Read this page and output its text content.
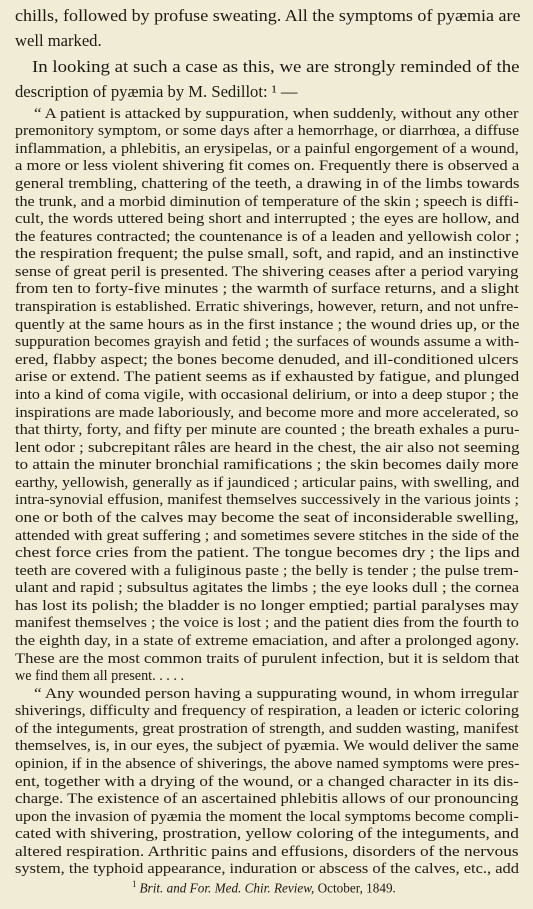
chills, followed by profuse sweating. All the symptoms of pyæmia are
well marked.
In looking at such a case as this, we are strongly reminded of the
description of pyæmia by M. Sedillot: ¹ —
“ A patient is attacked by suppuration, when suddenly, without any other
premonitory symptom, or some days after a hemorrhage, or diarrhœa, a diffuse
inflammation, a phlebitis, an erysipelas, or a painful engorgement of a wound,
a more or less violent shivering fit comes on. Frequently there is observed a
general trembling, chattering of the teeth, a drawing in of the limbs towards
the trunk, and a morbid diminution of temperature of the skin ; speech is diffi-
cult, the words uttered being short and interrupted ; the eyes are hollow, and
the features contracted; the countenance is of a leaden and yellowish color ;
the respiration frequent; the pulse small, soft, and rapid, and an instinctive
sense of great peril is presented. The shivering ceases after a period varying
from ten to forty-five minutes ; the warmth of surface returns, and a slight
transpiration is established. Erratic shiverings, however, return, and not unfre-
quently at the same hours as in the first instance ; the wound dries up, or the
suppuration becomes grayish and fetid ; the surfaces of wounds assume a with-
ered, flabby aspect; the bones become denuded, and ill-conditioned ulcers
arise or extend. The patient seems as if exhausted by fatigue, and plunged
into a kind of coma vigile, with occasional delirium, or into a deep stupor ; the
inspirations are made laboriously, and become more and more accelerated, so
that thirty, forty, and fifty per minute are counted ; the breath exhales a puru-
lent odor ; subcrepitant râles are heard in the chest, the air also not seeming
to attain the minuter bronchial ramifications ; the skin becomes daily more
earthy, yellowish, generally as if jaundiced ; articular pains, with swelling, and
intra-synovial effusion, manifest themselves successively in the various joints ;
one or both of the calves may become the seat of inconsiderable swelling,
attended with great suffering ; and sometimes severe stitches in the side of the
chest force cries from the patient. The tongue becomes dry ; the lips and
teeth are covered with a fuliginous paste ; the belly is tender ; the pulse trem-
ulant and rapid ; subsultus agitates the limbs ; the eye looks dull ; the cornea
has lost its polish; the bladder is no longer emptied; partial paralyses may
manifest themselves ; the voice is lost ; and the patient dies from the fourth to
the eighth day, in a state of extreme emaciation, and after a prolonged agony.
These are the most common traits of purulent infection, but it is seldom that
we find them all present. . . . .
“ Any wounded person having a suppurating wound, in whom irregular
shiverings, difficulty and frequency of respiration, a leaden or icteric coloring
of the integuments, great prostration of strength, and sudden wasting, manifest
themselves, is, in our eyes, the subject of pyæmia. We would deliver the same
opinion, if in the absence of shiverings, the above named symptoms were pres-
ent, together with a drying of the wound, or a changed character in its dis-
charge. The existence of an ascertained phlebitis allows of our pronouncing
upon the invasion of pyæmia the moment the local symptoms become compli-
cated with shivering, prostration, yellow coloring of the integuments, and
altered respiration. Arthritic pains and effusions, disorders of the nervous
system, the typhoid appearance, induration or abscess of the calves, etc., add
$^1$ Brit. and For. Med. Chir. Review, October, 1849.
